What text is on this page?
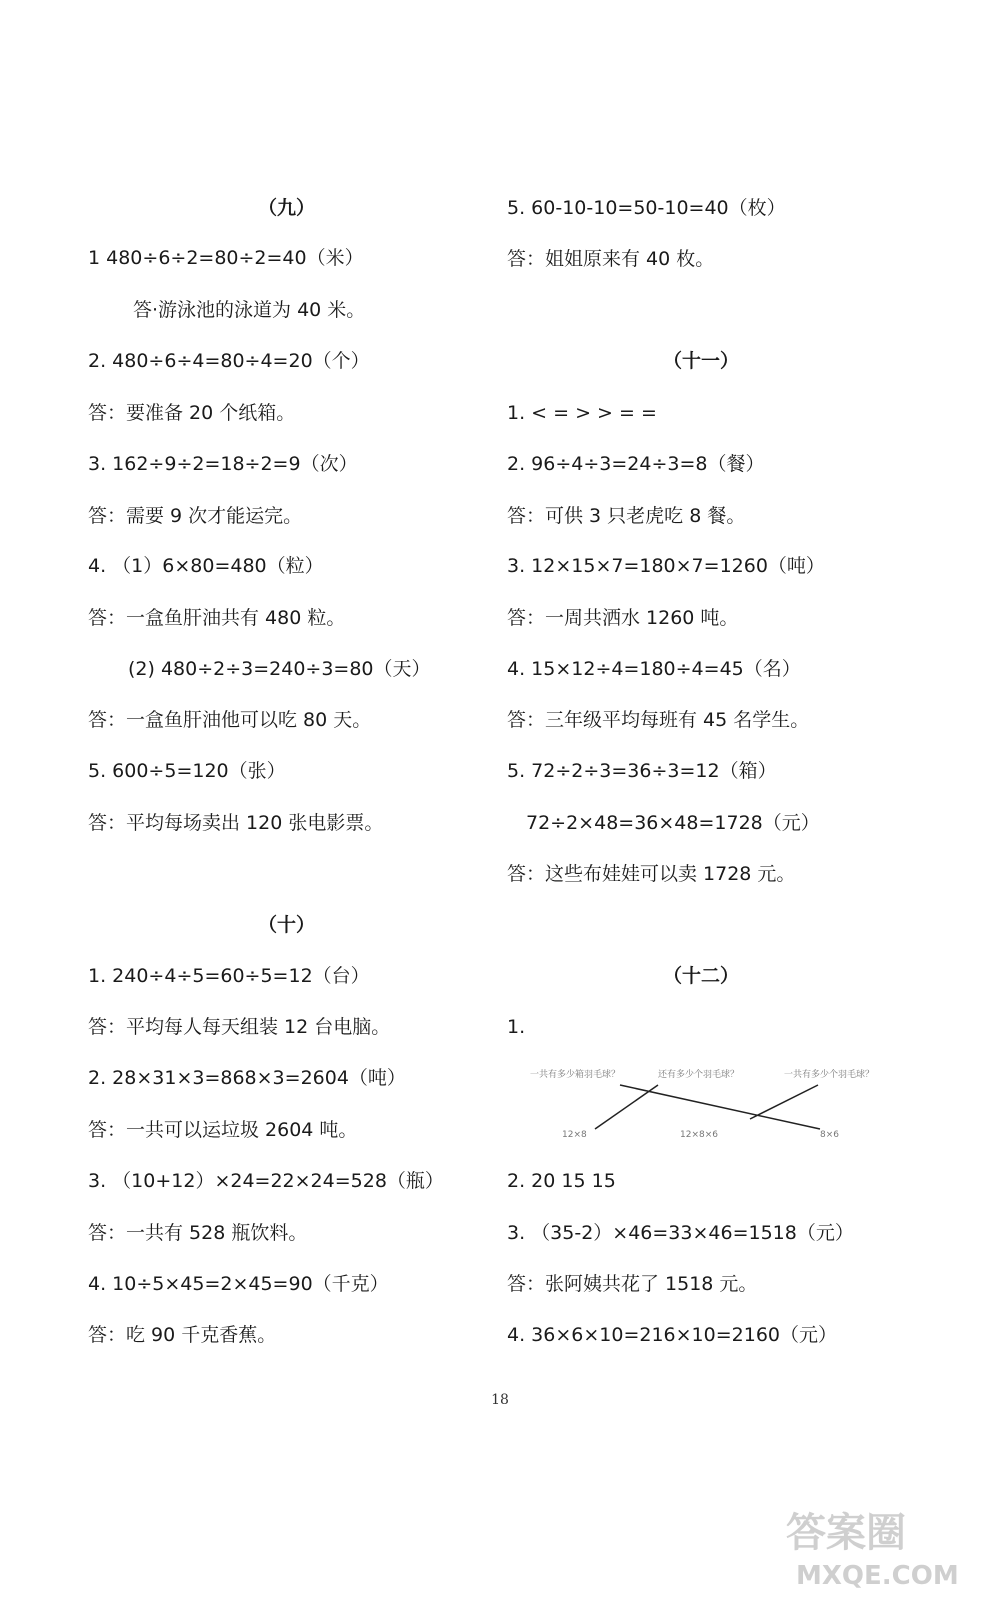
（九）
1 480÷6÷2=80÷2=40（米）
答·游泳池的泳道为 40 米。
2. 480÷6÷4=80÷4=20（个）
答：要准备 20 个纸箱。
3. 162÷9÷2=18÷2=9（次）
答：需要 9 次才能运完。
4. （1）6×80=480（粒）
答：一盒鱼肝油共有 480 粒。
(2) 480÷2÷3=240÷3=80（天）
答：一盒鱼肝油他可以吃 80 天。
5. 600÷5=120（张）
答：平均每场卖出 120 张电影票。
（十）
1. 240÷4÷5=60÷5=12（台）
答：平均每人每天组装 12 台电脑。
2. 28×31×3=868×3=2604（吨）
答：一共可以运垃圾 2604 吨。
3. （10+12）×24=22×24=528（瓶）
答：一共有 528 瓶饮料。
4. 10÷5×45=2×45=90（千克）
答：吃 90 千克香蕉。
5. 60-10-10=50-10=40（枚）
答：姐姐原来有 40 枚。
（十一）
1. < = > > = =
2. 96÷4÷3=24÷3=8（餐）
答：可供 3 只老虎吃 8 餐。
3. 12×15×7=180×7=1260（吨）
答：一周共洒水 1260 吨。
4. 15×12÷4=180÷4=45（名）
答：三年级平均每班有 45 名学生。
5. 72÷2÷3=36÷3=12（箱）
72÷2×48=36×48=1728（元）
答：这些布娃娃可以卖 1728 元。
（十二）
1.
2. 20 15 15
3. （35-2）×46=33×46=1518（元）
答：张阿姨共花了 1518 元。
4. 36×6×10=216×10=2160（元）
一共有多少箱羽毛球？	还有多少个羽毛球？	一共有多少个羽毛球？
12×8	12×8×6	8×6
18
答案圈
MXQE.COM
